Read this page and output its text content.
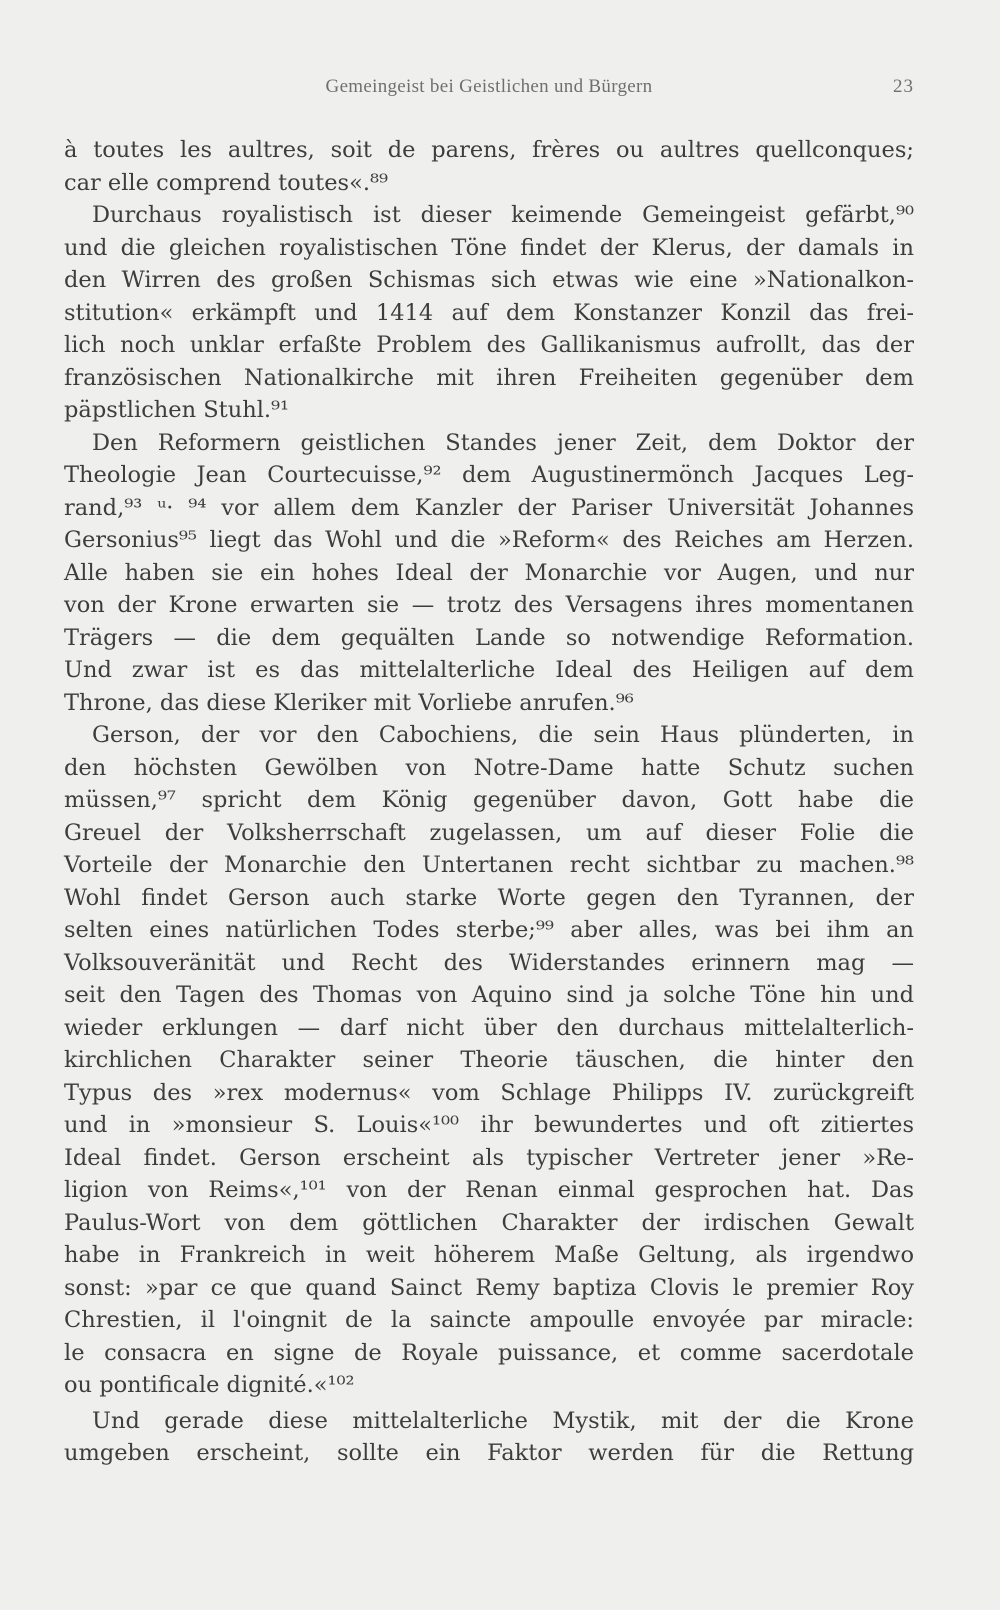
Gemeingeist bei Geistlichen und Bürgern	23
à toutes les aultres, soit de parens, frères ou aultres quellconques;
car elle comprend toutes«.⁸⁹
Durchaus royalistisch ist dieser keimende Gemeingeist gefärbt,⁹⁰
und die gleichen royalistischen Töne findet der Klerus, der damals in
den Wirren des großen Schismas sich etwas wie eine »Nationalkon-
stitution« erkämpft und 1414 auf dem Konstanzer Konzil das frei-
lich noch unklar erfaßte Problem des Gallikanismus aufrollt, das der
französischen Nationalkirche mit ihren Freiheiten gegenüber dem
päpstlichen Stuhl.⁹¹
Den Reformern geistlichen Standes jener Zeit, dem Doktor der
Theologie Jean Courtecuisse,⁹² dem Augustinermönch Jacques Leg-
rand,⁹³ ᵘ· ⁹⁴ vor allem dem Kanzler der Pariser Universität Johannes
Gersonius⁹⁵ liegt das Wohl und die »Reform« des Reiches am Herzen.
Alle haben sie ein hohes Ideal der Monarchie vor Augen, und nur
von der Krone erwarten sie — trotz des Versagens ihres momentanen
Trägers — die dem gequälten Lande so notwendige Reformation.
Und zwar ist es das mittelalterliche Ideal des Heiligen auf dem
Throne, das diese Kleriker mit Vorliebe anrufen.⁹⁶
Gerson, der vor den Cabochiens, die sein Haus plünderten, in
den höchsten Gewölben von Notre-Dame hatte Schutz suchen
müssen,⁹⁷ spricht dem König gegenüber davon, Gott habe die
Greuel der Volksherrschaft zugelassen, um auf dieser Folie die
Vorteile der Monarchie den Untertanen recht sichtbar zu machen.⁹⁸
Wohl findet Gerson auch starke Worte gegen den Tyrannen, der
selten eines natürlichen Todes sterbe;⁹⁹ aber alles, was bei ihm an
Volksouveränität und Recht des Widerstandes erinnern mag —
seit den Tagen des Thomas von Aquino sind ja solche Töne hin und
wieder erklungen — darf nicht über den durchaus mittelalterlich-
kirchlichen Charakter seiner Theorie täuschen, die hinter den
Typus des »rex modernus« vom Schlage Philipps IV. zurückgreift
und in »monsieur S. Louis«¹⁰⁰ ihr bewundertes und oft zitiertes
Ideal findet. Gerson erscheint als typischer Vertreter jener »Re-
ligion von Reims«,¹⁰¹ von der Renan einmal gesprochen hat. Das
Paulus-Wort von dem göttlichen Charakter der irdischen Gewalt
habe in Frankreich in weit höherem Maße Geltung, als irgendwo
sonst: »par ce que quand Sainct Remy baptiza Clovis le premier Roy
Chrestien, il l'oingnit de la saincte ampoulle envoyée par miracle:
le consacra en signe de Royale puissance, et comme sacerdotale
ou pontificale dignité.«¹⁰²
Und gerade diese mittelalterliche Mystik, mit der die Krone
umgeben erscheint, sollte ein Faktor werden für die Rettung
